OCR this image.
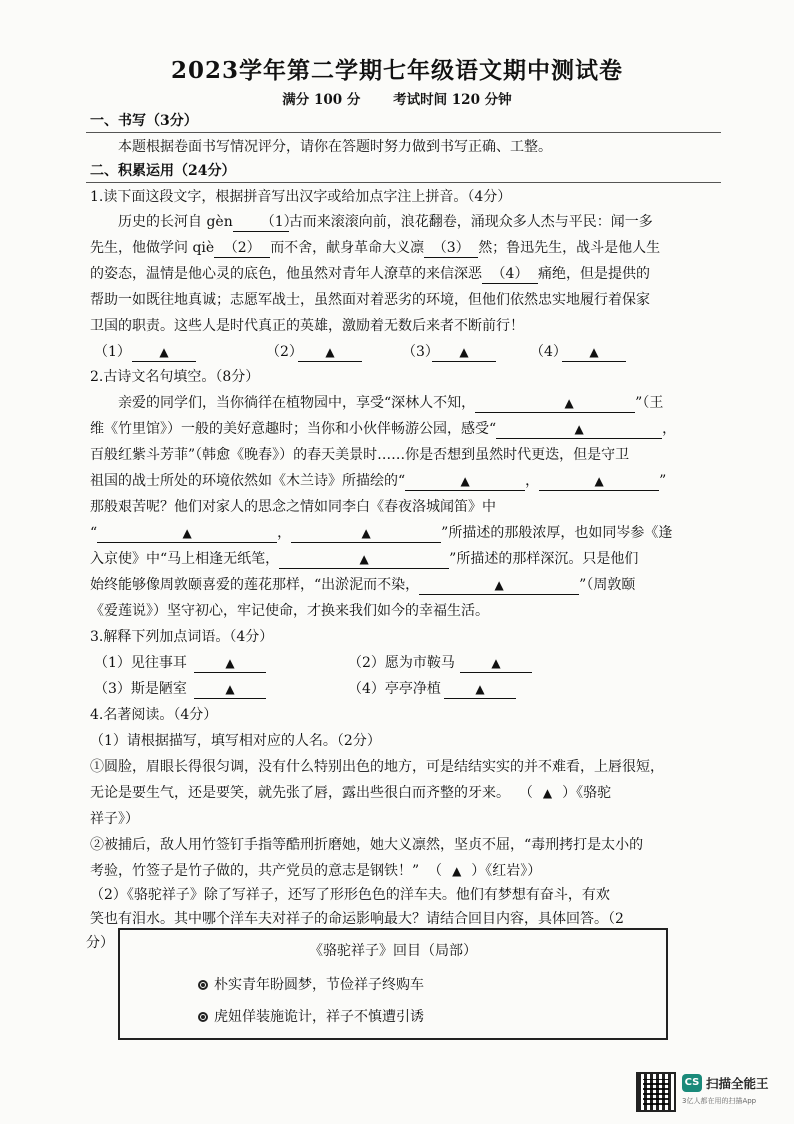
2023学年第二学期七年级语文期中测试卷
满分 100 分 考试时间 120 分钟
一、书写（3分）
本题根据卷面书写情况评分，请你在答题时努力做到书写正确、工整。
二、积累运用（24分）
1.读下面这段文字，根据拼音写出汉字或给加点字注上拼音。（4分）
历史的长河自 gèn （1）古而来滚滚向前，浪花翻卷，涌现众多人杰与平民：闻一多
先生，他做学问 qiè （2） 而不舍，献身革命大义凛 （3） 然；鲁迅先生，战斗是他人生
的姿态，温情是他心灵的底色，他虽然对青年人潦草的来信深恶 （4） 痛绝，但是提供的
帮助一如既往地真诚；志愿军战士，虽然面对着恶劣的环境，但他们依然忠实地履行着保家
卫国的职责。这些人是时代真正的英雄，激励着无数后来者不断前行！
（1）	▲	（2）	▲	（3）	▲	（4）	▲
2.古诗文名句填空。（8分）
亲爱的同学们，当你徜徉在植物园中，享受“深林人不知，	▲	”（王
维《竹里馆》）一般的美好意趣时；当你和小伙伴畅游公园，感受“	▲	，
百般红紫斗芳菲”（韩愈《晚春》）的春天美景时……你是否想到虽然时代更迭，但是守卫
祖国的战士所处的环境依然如《木兰诗》所描绘的“	▲	，	▲	”
那般艰苦呢？他们对家人的思念之情如同李白《春夜洛城闻笛》中
“	▲	，	▲	”所描述的那般浓厚，也如同岑参《逢
入京使》中“马上相逢无纸笔，	▲	”所描述的那样深沉。只是他们
始终能够像周敦颐喜爱的莲花那样，“出淤泥而不染，	▲	”（周敦颐
《爱莲说》）坚守初心，牢记使命，才换来我们如今的幸福生活。
3.解释下列加点词语。（4分）
（1）见往事耳	▲	（2）愿为市鞍马	▲
（3）斯是陋室	▲	（4）亭亭净植	▲
4.名著阅读。（4分）
（1）请根据描写，填写相对应的人名。（2分）
①圆脸，眉眼长得很匀调，没有什么特别出色的地方，可是结结实实的并不难看，上唇很短，
无论是要生气，还是要笑，就先张了唇，露出些很白而齐整的牙来。 （ ▲ ）《骆驼
祥子》）
②被捕后，敌人用竹签钉手指等酷刑折磨她，她大义凛然，坚贞不屈，“毒刑拷打是太小的
考验，竹签子是竹子做的，共产党员的意志是钢铁！”  （ ▲ ）《红岩》）
（2）《骆驼祥子》除了写祥子，还写了形形色色的洋车夫。他们有梦想有奋斗，有欢
笑也有泪水。其中哪个洋车夫对祥子的命运影响最大？请结合回目内容，具体回答。（2
分）	《骆驼祥子》回目（局部）
朴实青年盼圆梦，节俭祥子终购车
虎妞佯装施诡计，祥子不慎遭引诱
CS 扫描全能王
3亿人都在用的扫描App
